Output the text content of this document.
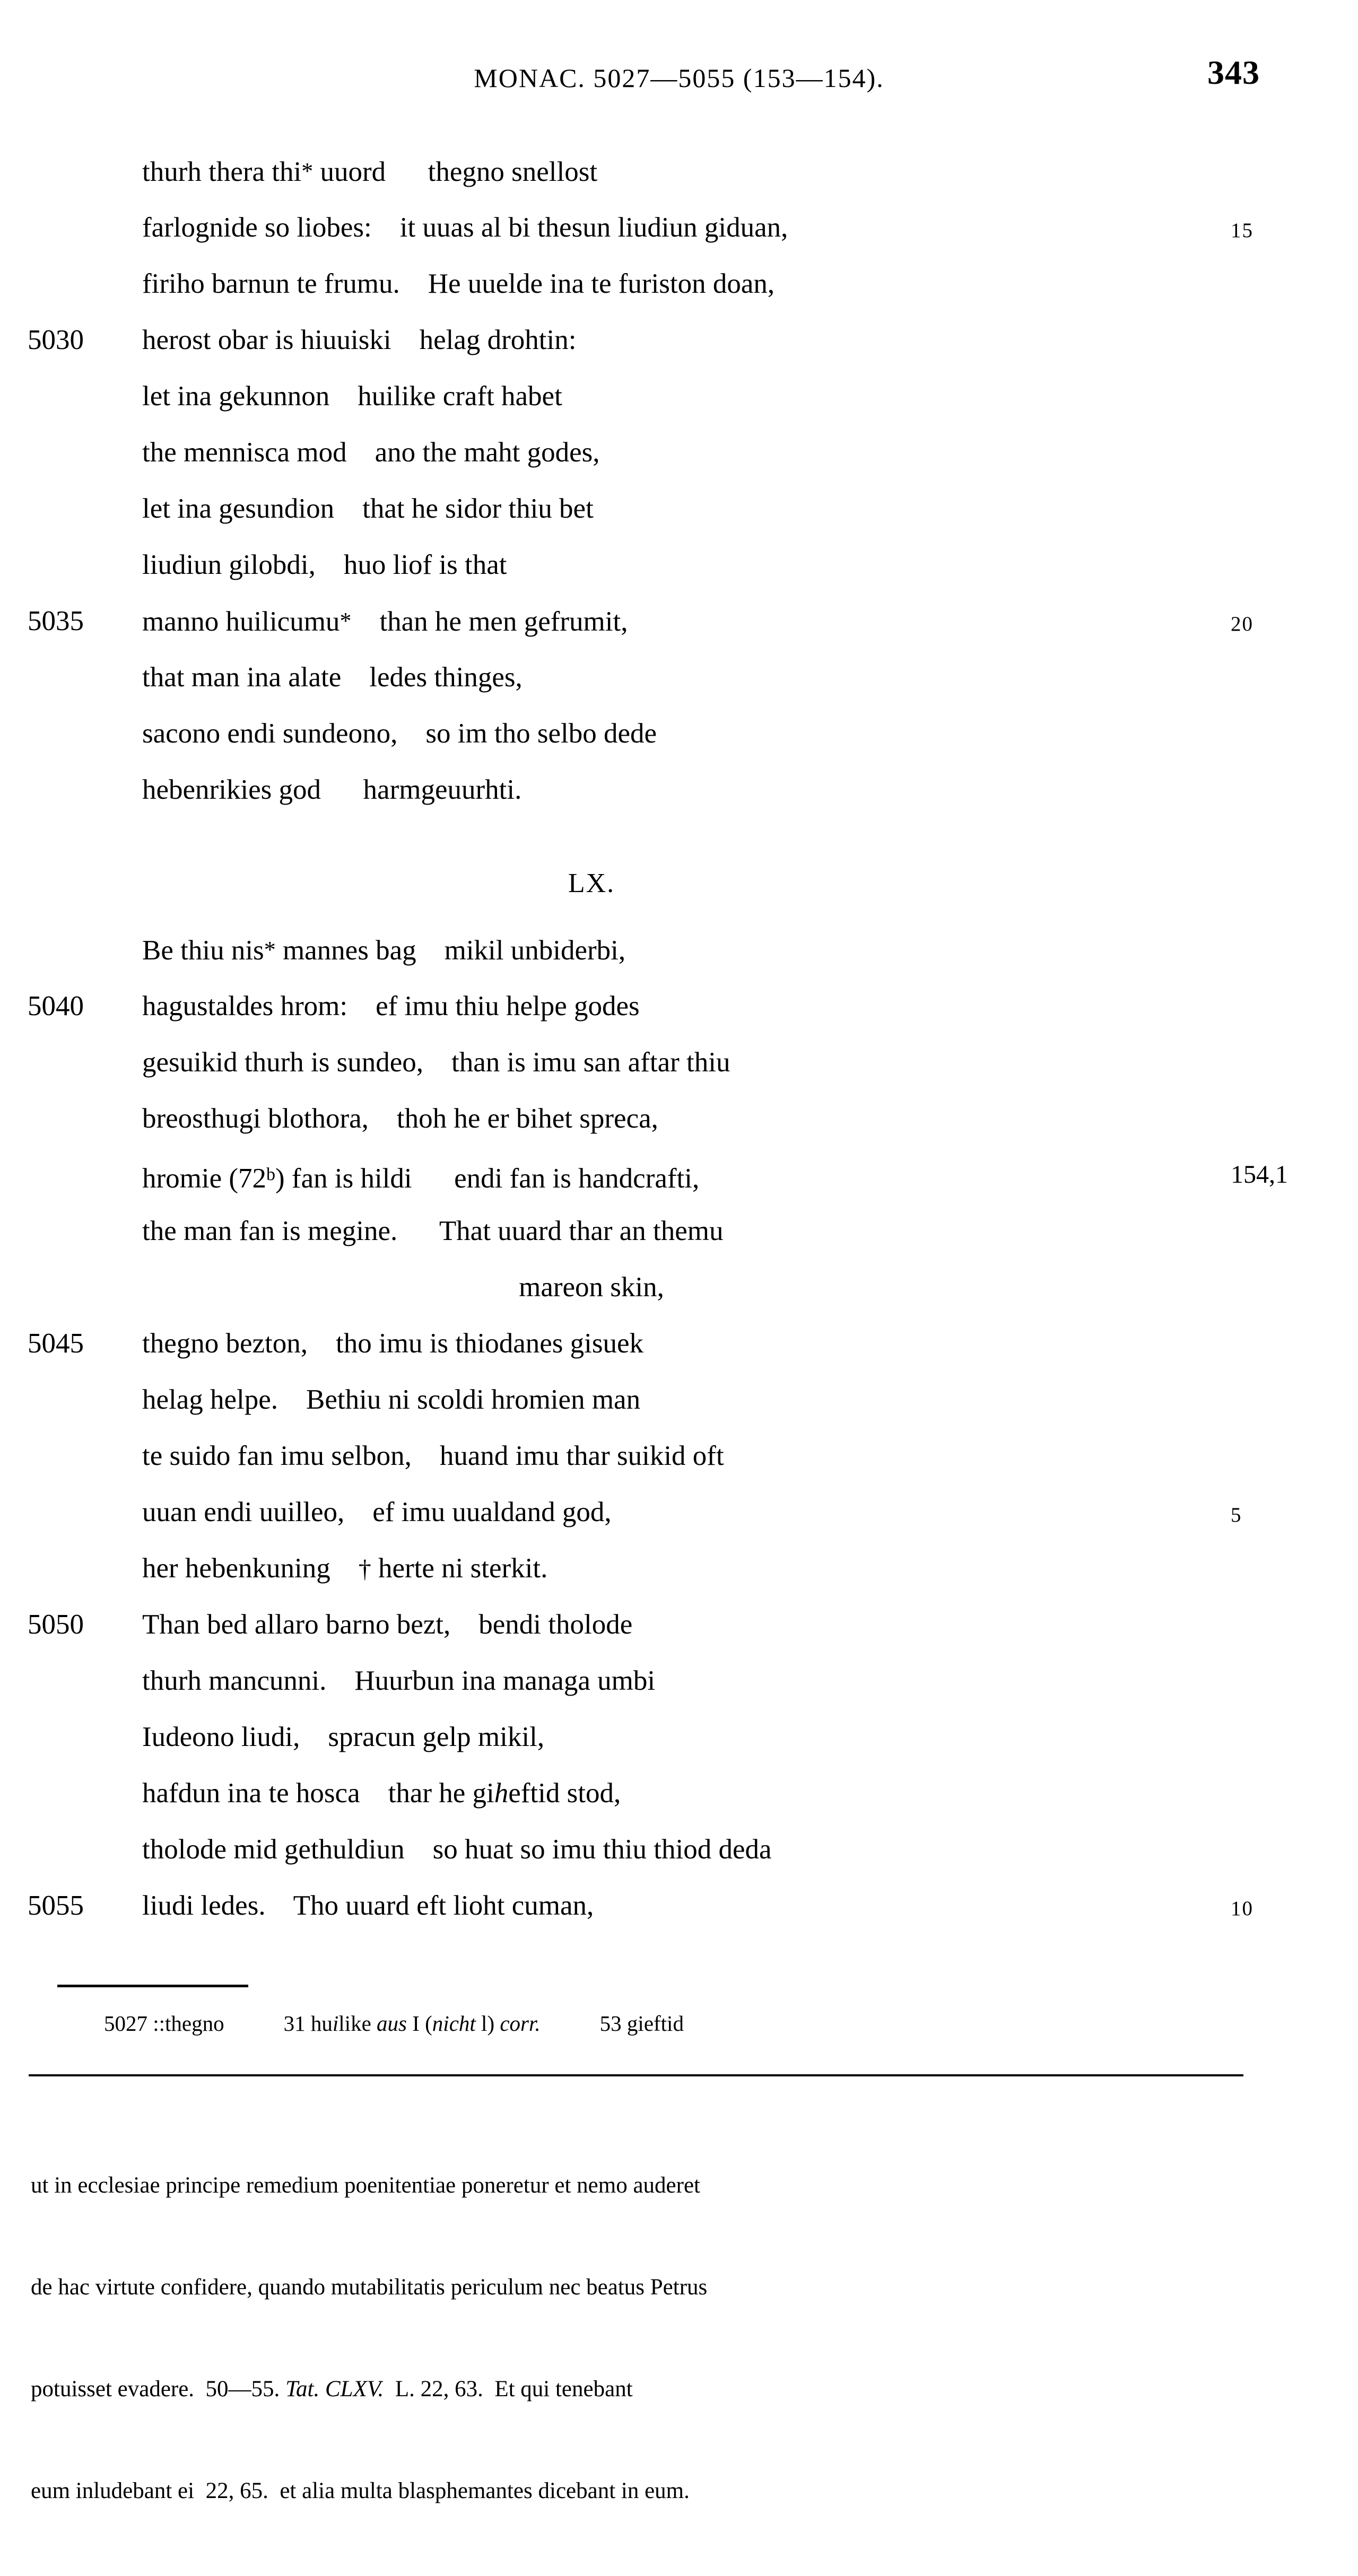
MONAC. 5027—5055 (153—154).	343

thurh thera thi* uuord      thegno snellost

farlognide so liobes:    it uuas al bi thesun liudiun giduan,

	15

firiho barnun te frumu.    He uuelde ina te furiston doan,

5030

	herost obar is hiuuiski    helag drohtin:

let ina gekunnon    huilike craft habet

the mennisca mod    ano the maht godes,

let ina gesundion    that he sidor thiu bet

liudiun gilobdi,    huo liof is that

5035

	manno huilicumu*    than he men gefrumit,

	20

that man ina alate    ledes thinges,

sacono endi sundeono,    so im tho selbo dede

hebenrikies god      harmgeuurhti.

LX.

Be thiu nis* mannes bag    mikil unbiderbi,

5040

	hagustaldes hrom:    ef imu thiu helpe godes

gesuikid thurh is sundeo,    than is imu san aftar thiu

breosthugi blothora,    thoh he er bihet spreca,

hromie (72$^b$) fan is hildi      endi fan is handcrafti,

	154,1

the man fan is megine.      That uuard thar an themu

mareon skin,

5045

	thegno bezton,    tho imu is thiodanes gisuek

helag helpe.    Bethiu ni scoldi hromien man

te suido fan imu selbon,    huand imu thar suikid oft

uuan endi uuilleo,    ef imu uualdand god,

	5

her hebenkuning    † herte ni sterkit.

5050

	Than bed allaro barno bezt,    bendi tholode

thurh mancunni.    Huurbun ina managa umbi

Iudeono liudi,    spracun gelp mikil,

hafdun ina te hosca    thar he giheftid stod,

tholode mid gethuldiun    so huat so imu thiu thiod deda

5055

	liudi ledes.    Tho uuard eft lioht cuman,

	10

5027 ::thegno	31 huilike aus I (nicht l) corr.	53 gieftid

ut in ecclesiae principe remedium poenitentiae poneretur et nemo auderet

de hac virtute confidere, quando mutabilitatis periculum nec beatus Petrus

potuisset evadere.  50—55. Tat. CLXV.  L. 22, 63.  Et qui tenebant

eum inludebant ei  22, 65.  et alia multa blasphemantes dicebant in eum.
